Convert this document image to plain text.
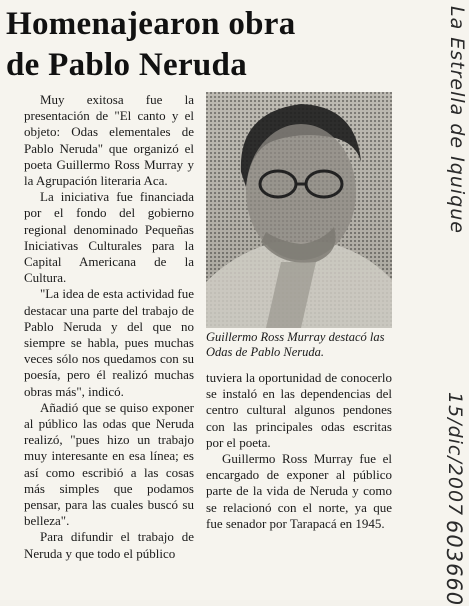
Homenajearon obra
de Pablo Neruda

Muy exitosa fue la presentación de "El canto y el objeto: Odas elementales de Pablo Neruda" que organizó el poeta Guillermo Ross Murray y la Agrupación literaria Aca.

La iniciativa fue financiada por el fondo del gobierno regional denominado Pequeñas Iniciativas Culturales para la Capital Americana de la Cultura.

"La idea de esta actividad fue destacar una parte del trabajo de Pablo Neruda y del que no siempre se habla, pues muchas veces sólo nos quedamos con su poesía, pero él realizó muchas obras más", indicó.

Añadió que se quiso exponer al público las odas que Neruda realizó, "pues hizo un trabajo muy interesante en esa línea; es así como escribió a las cosas más simples que podamos pensar, para las cuales buscó su belleza".

Para difundir el trabajo de Neruda y que todo el público

Guillermo Ross Murray destacó las Odas de Pablo Neruda.

tuviera la oportunidad de conocerlo se instaló en las dependencias del centro cultural algunos pendones con las principales odas escritas por el poeta.

Guillermo Ross Murray fue el encargado de exponer al público parte de la vida de Neruda y como se relacionó con el norte, ya que fue senador por Tarapacá en 1945.

La Estrella de Iquique
15/dic/2007
603660
